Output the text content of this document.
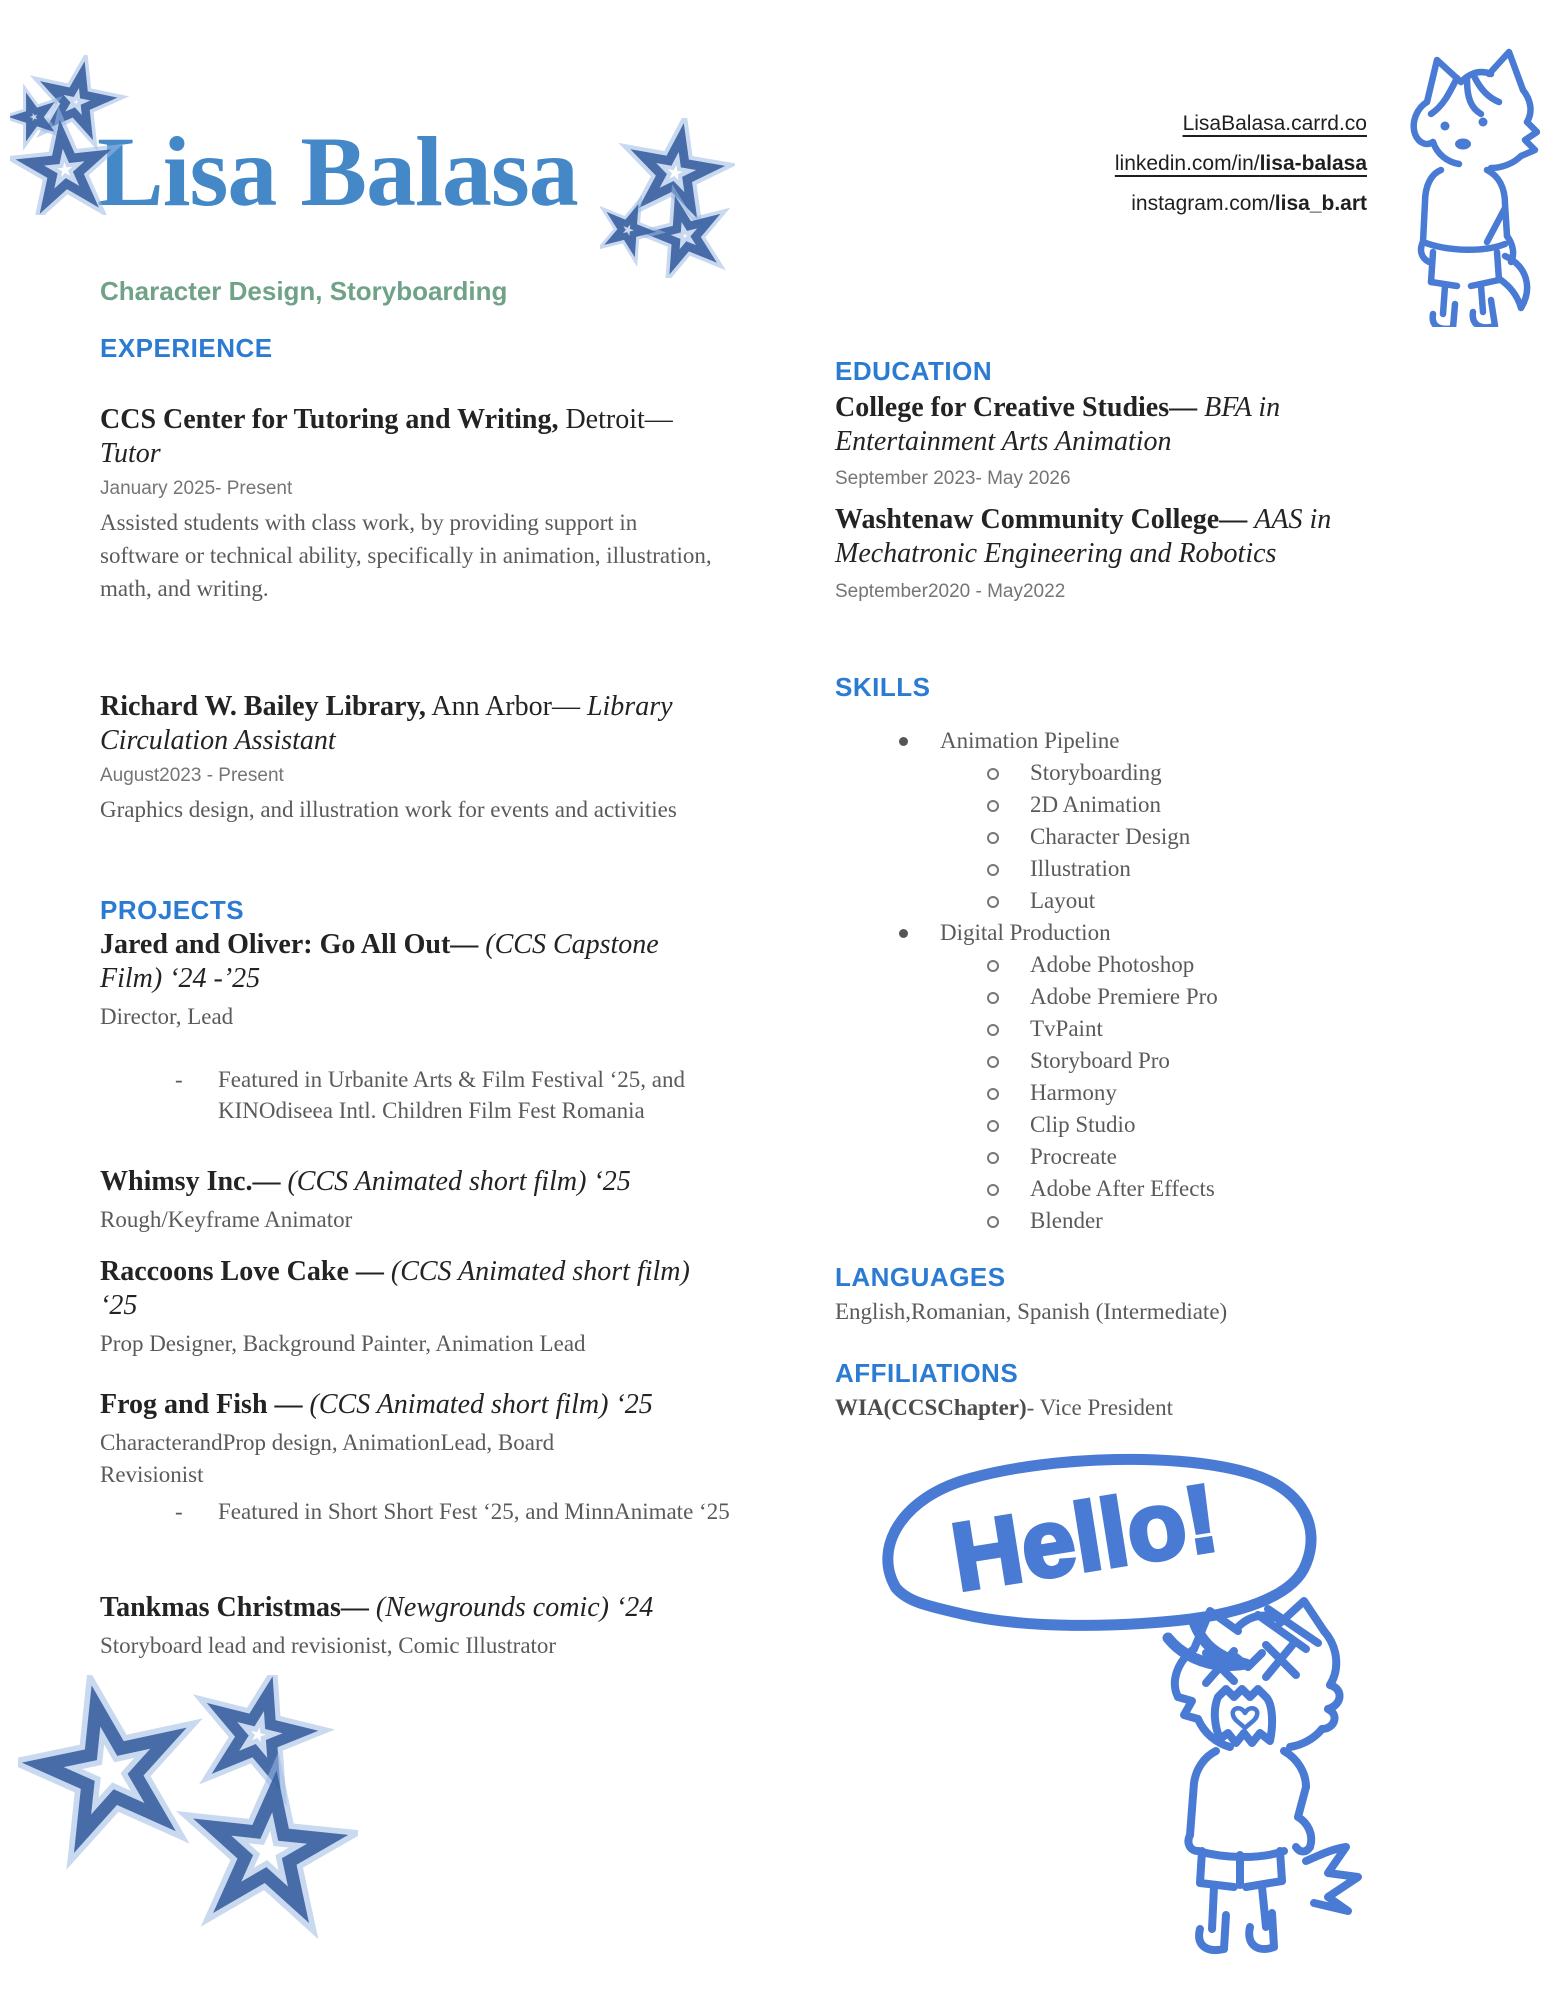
Lisa Balasa
Character Design, Storyboarding
LisaBalasa.carrd.co
linkedin.com/in/lisa-balasa
instagram.com/lisa_b.art
EXPERIENCE
CCS Center for Tutoring and Writing, Detroit—
Tutor
January 2025- Present
Assisted students with class work, by providing support in software or technical ability, specifically in animation, illustration, math, and writing.
Richard W. Bailey Library, Ann Arbor— Library Circulation Assistant
August2023 - Present
Graphics design, and illustration work for events and activities
PROJECTS
Jared and Oliver: Go All Out— (CCS Capstone Film) ‘24 -’25
Director, Lead
- Featured in Urbanite Arts & Film Festival ‘25, and KINOdiseea Intl. Children Film Fest Romania
Whimsy Inc.— (CCS Animated short film) ‘25
Rough/Keyframe Animator
Raccoons Love Cake — (CCS Animated short film) ‘25
Prop Designer, Background Painter, Animation Lead
Frog and Fish — (CCS Animated short film) ‘25
CharacterandProp design, AnimationLead, Board Revisionist
- Featured in Short Short Fest ‘25, and MinnAnimate ‘25
Tankmas Christmas— (Newgrounds comic) ‘24
Storyboard lead and revisionist, Comic Illustrator
EDUCATION
College for Creative Studies— BFA in Entertainment Arts Animation
September 2023- May 2026
Washtenaw Community College— AAS in Mechatronic Engineering and Robotics
September2020 - May2022
SKILLS
Animation Pipeline
Storyboarding
2D Animation
Character Design
Illustration
Layout
Digital Production
Adobe Photoshop
Adobe Premiere Pro
TvPaint
Storyboard Pro
Harmony
Clip Studio
Procreate
Adobe After Effects
Blender
LANGUAGES
English,Romanian, Spanish (Intermediate)
AFFILIATIONS
WIA(CCSChapter)- Vice President
Hello!
